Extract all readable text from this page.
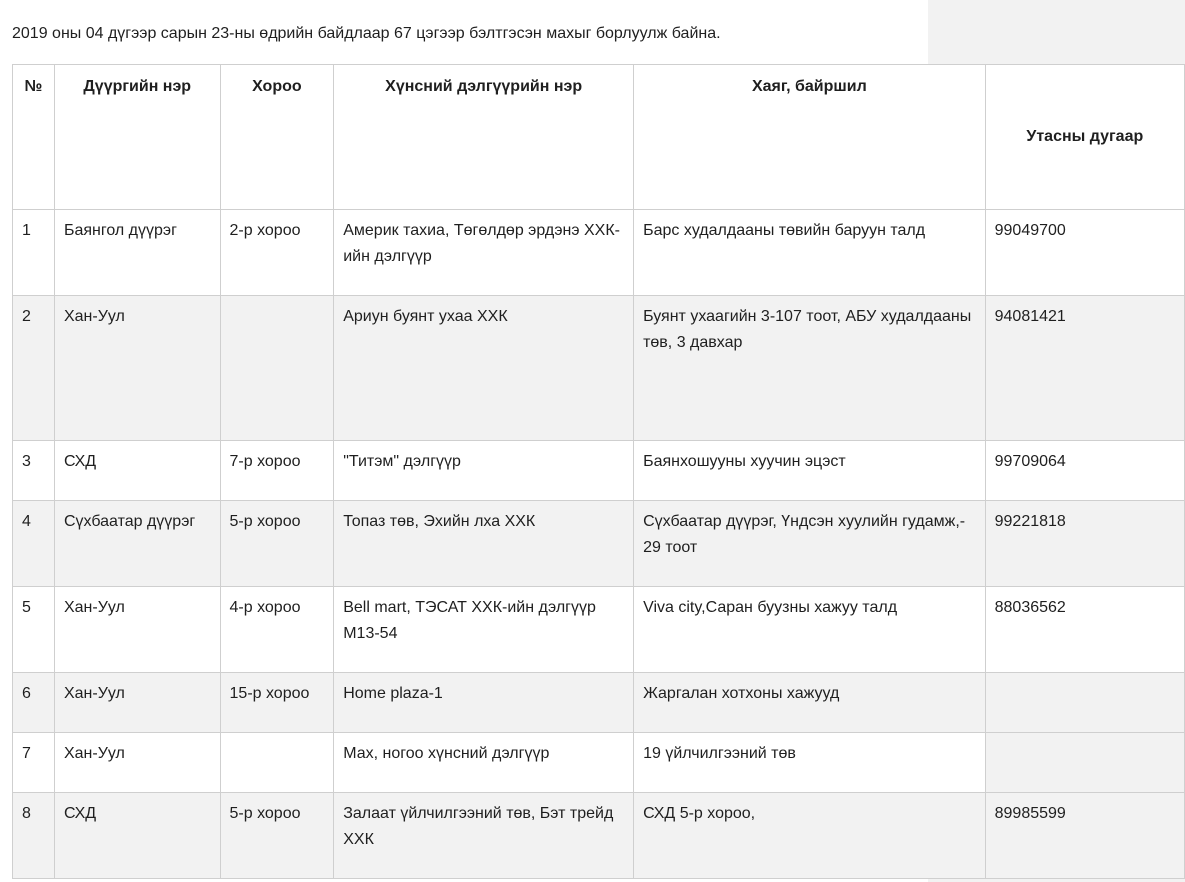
2019 оны 04 дүгээр сарын 23-ны өдрийн байдлаар 67 цэгээр бэлтгэсэн махыг борлуулж байна.
№	Дүүргийн нэр	Хороо	Хүнсний дэлгүүрийн нэр	Хаяг, байршил	Утасны дугаар
1	Баянгол дүүрэг	2-р хороо	Америк тахиа, Төгөлдөр эрдэнэ ХХК-ийн дэлгүүр	Барс худалдааны төвийн баруун талд	99049700
2	Хан-Уул		Ариун буянт ухаа ХХК	Буянт ухаагийн 3-107 тоот, АБУ худалдааны төв, 3 давхар	94081421
3	СХД	7-р хороо	"Титэм" дэлгүүр	Баянхошууны хуучин эцэст	99709064
4	Сүхбаатар дүүрэг	5-р хороо	Топаз төв, Эхийн лха ХХК	Сүхбаатар дүүрэг, Үндсэн хуулийн гудамж,- 29 тоот	99221818
5	Хан-Уул	4-р хороо	Bell mart, ТЭСАТ ХХК-ийн дэлгүүр М13-54	Viva city,Саран буузны хажуу талд	88036562
6	Хан-Уул	15-р хороо	Home plaza-1	Жаргалан хотхоны хажууд	
7	Хан-Уул		Мах, ногоо хүнсний дэлгүүр	19 үйлчилгээний төв	
8	СХД	5-р хороо	Залаат үйлчилгээний төв, Бэт трейд ХХК	СХД 5-р хороо,	89985599
